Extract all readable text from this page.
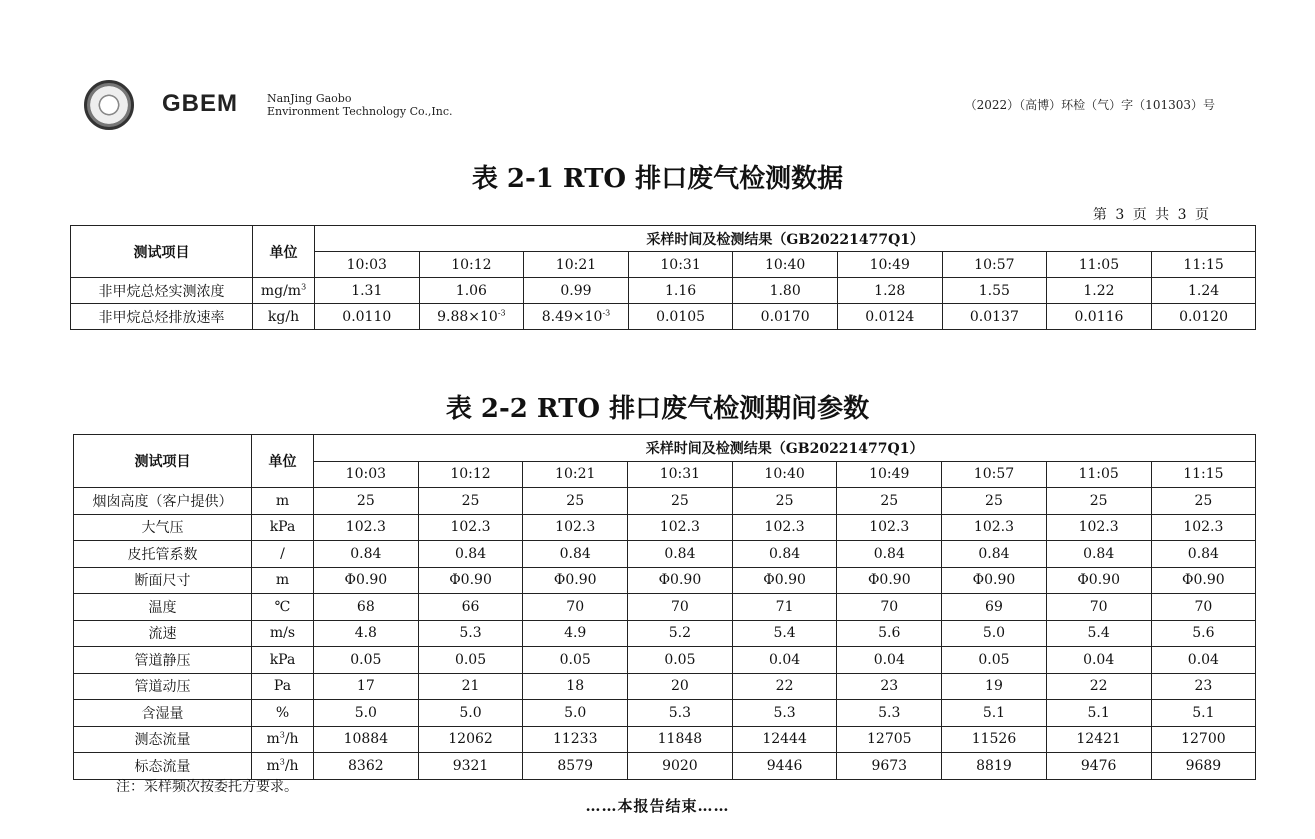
GBEM	NanJing Gaobo
Environment Technology Co.,Inc.	（2022）（高博）环检（气）字（101303）号
表 2-1 RTO 排口废气检测数据
第 3 页 共 3 页
测试项目	单位	采样时间及检测结果（GB20221477Q1）								
		10:03	10:12	10:21	10:31	10:40	10:49	10:57	11:05	11:15
非甲烷总烃实测浓度	$mg/m^3$	1.31	1.06	0.99	1.16	1.80	1.28	1.55	1.22	1.24
非甲烷总烃排放速率	kg/h	0.0110	$9.88\times 10^{-3}$	$8.49\times 10^{-3}$	0.0105	0.0170	0.0124	0.0137	0.0116	0.0120
表 2-2 RTO 排口废气检测期间参数
测试项目	单位	采样时间及检测结果（GB20221477Q1）								
		10:03	10:12	10:21	10:31	10:40	10:49	10:57	11:05	11:15
烟囱高度（客户提供）	m	25	25	25	25	25	25	25	25	25
大气压	kPa	102.3	102.3	102.3	102.3	102.3	102.3	102.3	102.3	102.3
皮托管系数	/	0.84	0.84	0.84	0.84	0.84	0.84	0.84	0.84	0.84
断面尺寸	m	Φ0.90	Φ0.90	Φ0.90	Φ0.90	Φ0.90	Φ0.90	Φ0.90	Φ0.90	Φ0.90
温度	℃	68	66	70	70	71	70	69	70	70
流速	m/s	4.8	5.3	4.9	5.2	5.4	5.6	5.0	5.4	5.6
管道静压	kPa	0.05	0.05	0.05	0.05	0.04	0.04	0.05	0.04	0.04
管道动压	Pa	17	21	18	20	22	23	19	22	23
含湿量	%	5.0	5.0	5.0	5.3	5.3	5.3	5.1	5.1	5.1
测态流量	$m^3/h$	10884	12062	11233	11848	12444	12705	11526	12421	12700
标态流量	$m^3/h$	8362	9321	8579	9020	9446	9673	8819	9476	9689
注：采样频次按委托方要求。
……本报告结束……
